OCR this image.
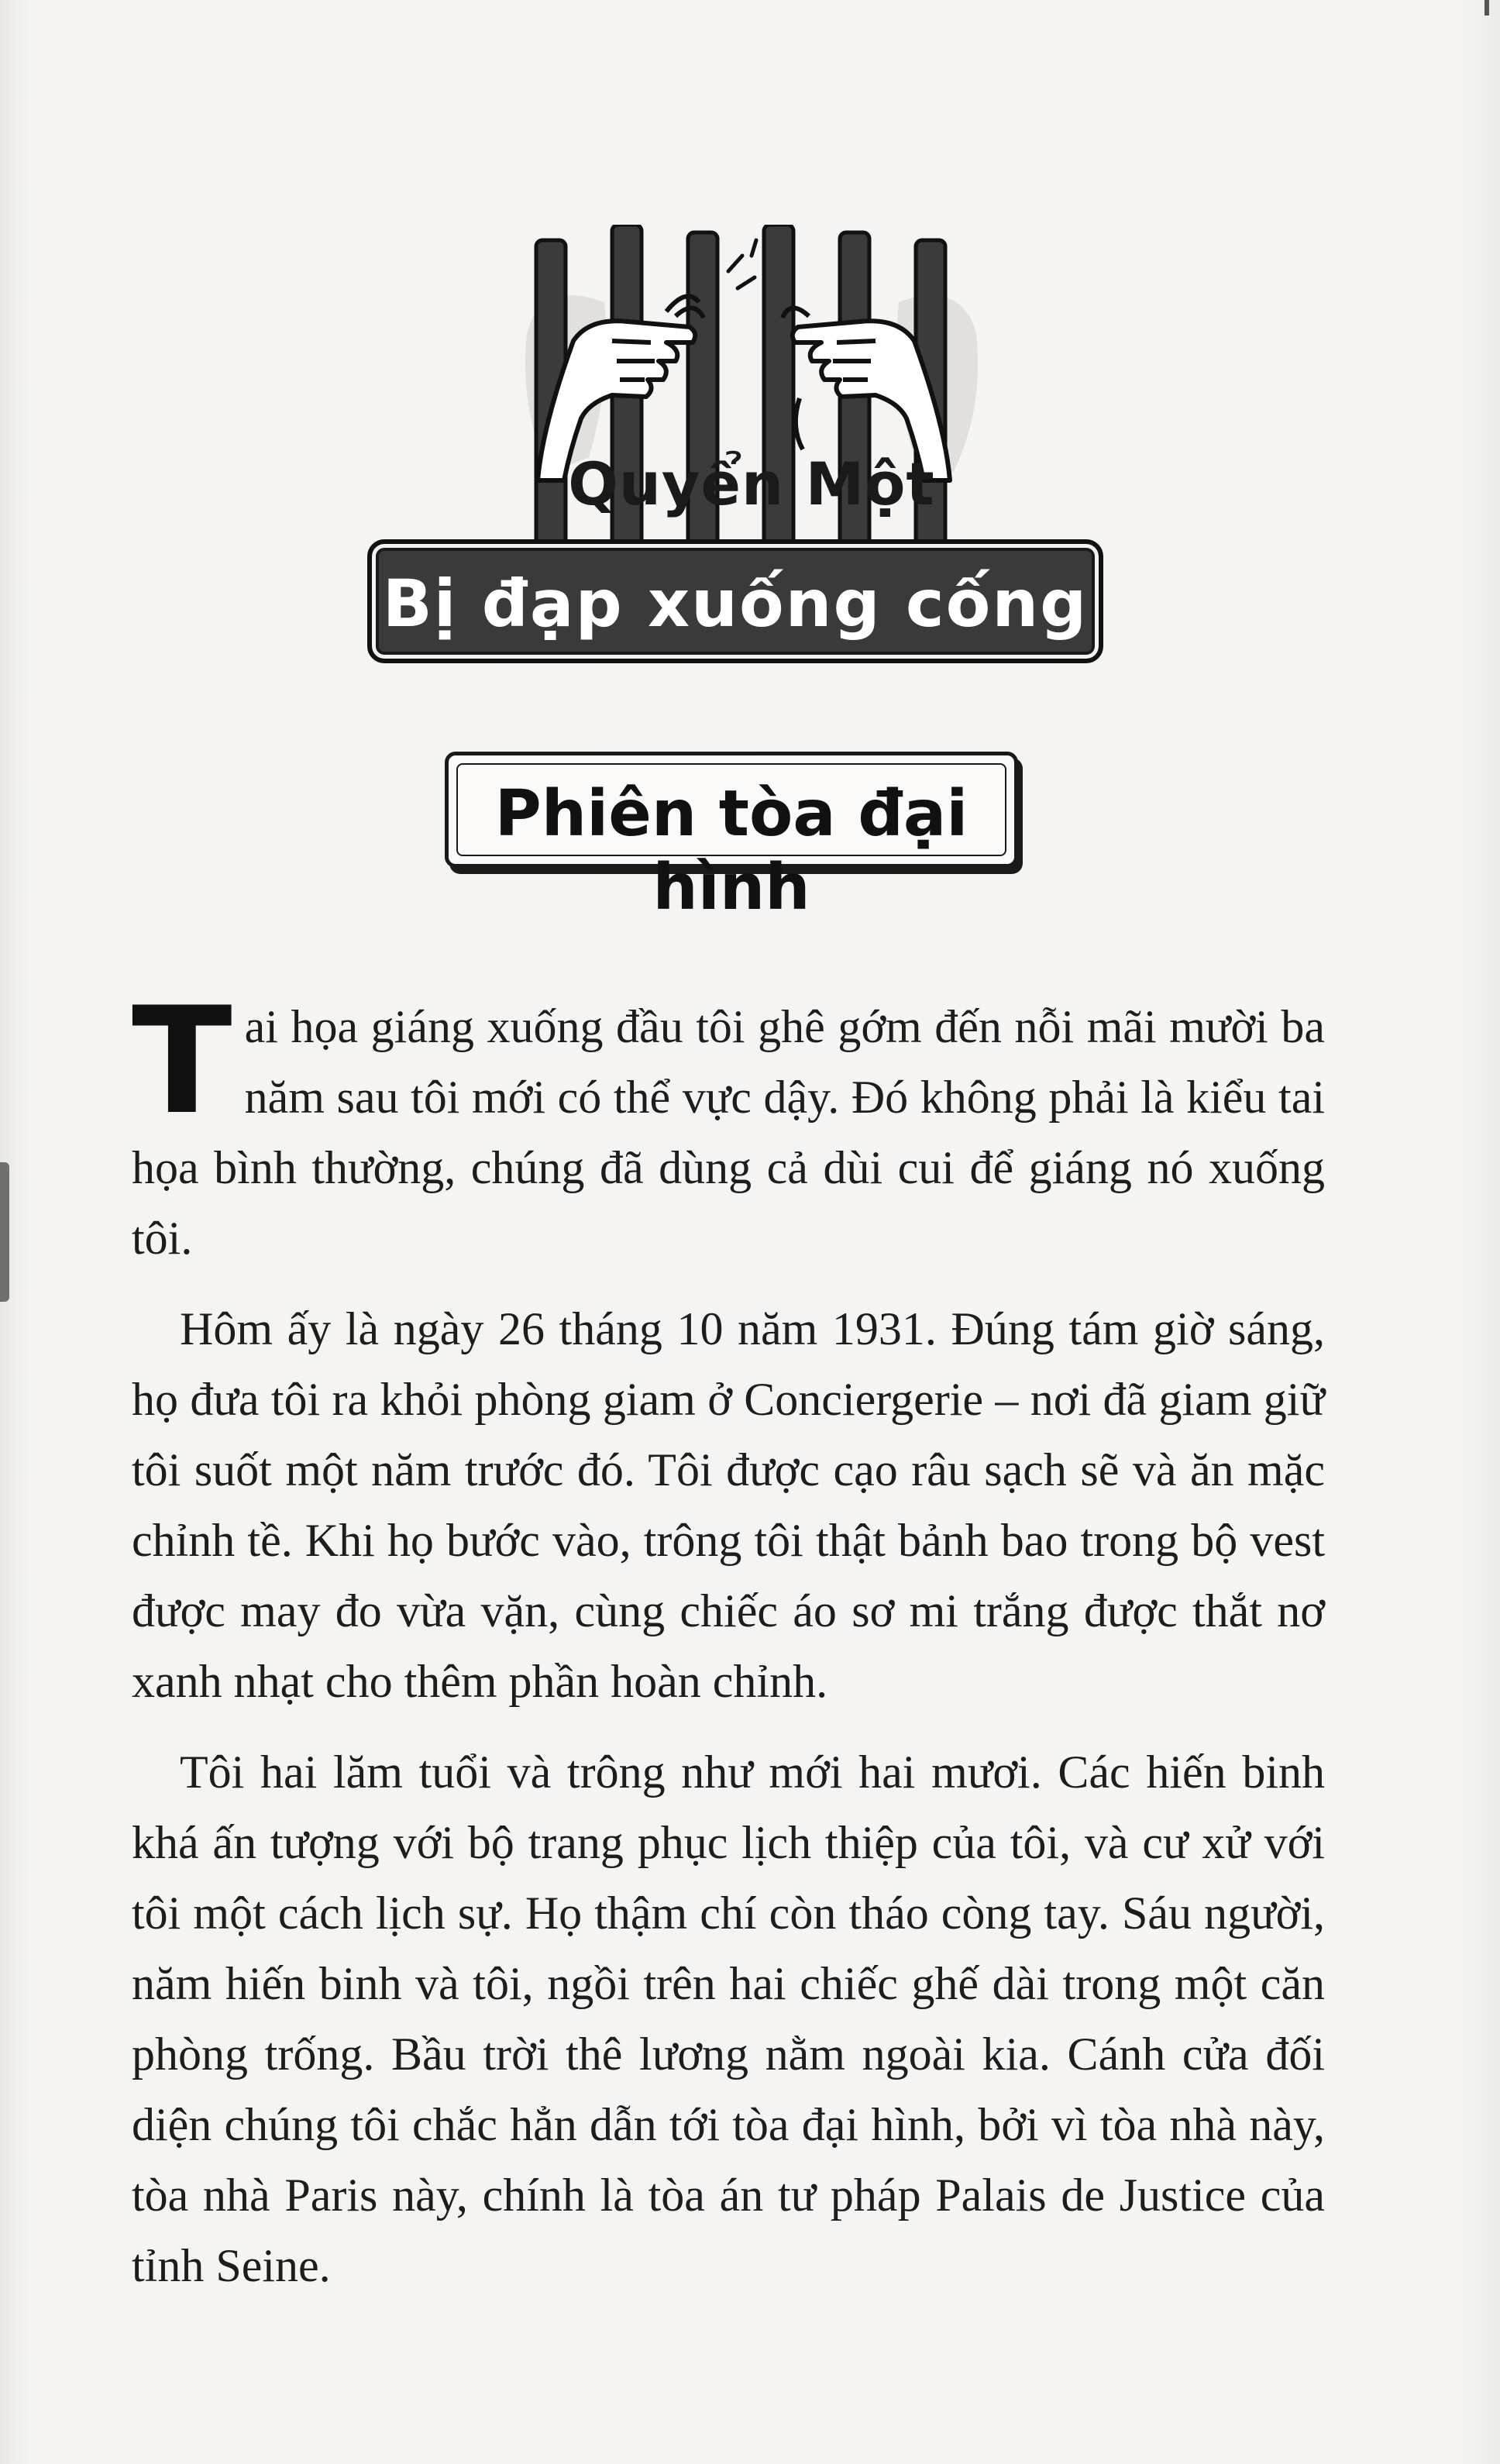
Quyển Một
Bị đạp xuống cống
Phiên tòa đại hình

Tai họa giáng xuống đầu tôi ghê gớm đến nỗi mãi mười ba năm sau tôi mới có thể vực dậy. Đó không phải là kiểu tai họa bình thường, chúng đã dùng cả dùi cui để giáng nó xuống tôi.

Hôm ấy là ngày 26 tháng 10 năm 1931. Đúng tám giờ sáng, họ đưa tôi ra khỏi phòng giam ở Conciergerie – nơi đã giam giữ tôi suốt một năm trước đó. Tôi được cạo râu sạch sẽ và ăn mặc chỉnh tề. Khi họ bước vào, trông tôi thật bảnh bao trong bộ vest được may đo vừa vặn, cùng chiếc áo sơ mi trắng được thắt nơ xanh nhạt cho thêm phần hoàn chỉnh.

Tôi hai lăm tuổi và trông như mới hai mươi. Các hiến binh khá ấn tượng với bộ trang phục lịch thiệp của tôi, và cư xử với tôi một cách lịch sự. Họ thậm chí còn tháo còng tay. Sáu người, năm hiến binh và tôi, ngồi trên hai chiếc ghế dài trong một căn phòng trống. Bầu trời thê lương nằm ngoài kia. Cánh cửa đối diện chúng tôi chắc hẳn dẫn tới tòa đại hình, bởi vì tòa nhà này, tòa nhà Paris này, chính là tòa án tư pháp Palais de Justice của tỉnh Seine.
